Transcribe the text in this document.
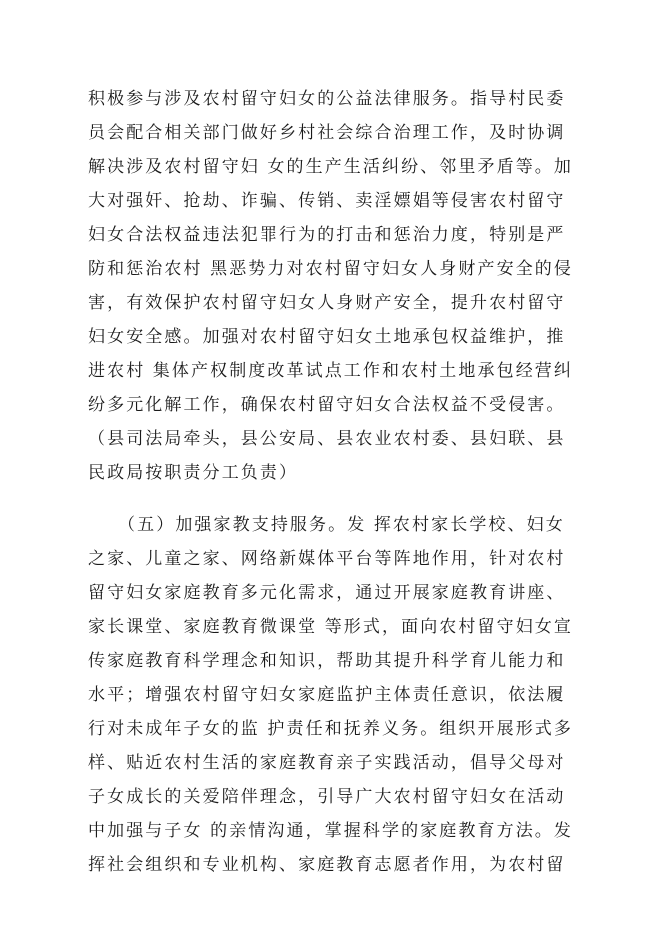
积极参与涉及农村留守妇女的公益法律服务。指导村民委
员会配合相关部门做好乡村社会综合治理工作，及时协调
解决涉及农村留守妇 女的生产生活纠纷、邻里矛盾等。加
大对强奸、抢劫、诈骗、传销、卖淫嫖娼等侵害农村留守
妇女合法权益违法犯罪行为的打击和惩治力度，特别是严
防和惩治农村 黑恶势力对农村留守妇女人身财产安全的侵
害，有效保护农村留守妇女人身财产安全，提升农村留守
妇女安全感。加强对农村留守妇女土地承包权益维护，推
进农村 集体产权制度改革试点工作和农村土地承包经营纠
纷多元化解工作，确保农村留守妇女合法权益不受侵害。
（县司法局牵头，县公安局、县农业农村委、县妇联、县
民政局按职责分工负责）
（五）加强家教支持服务。发 挥农村家长学校、妇女
之家、儿童之家、网络新媒体平台等阵地作用，针对农村
留守妇女家庭教育多元化需求，通过开展家庭教育讲座、
家长课堂、家庭教育微课堂 等形式，面向农村留守妇女宣
传家庭教育科学理念和知识，帮助其提升科学育儿能力和
水平；增强农村留守妇女家庭监护主体责任意识，依法履
行对未成年子女的监 护责任和抚养义务。组织开展形式多
样、贴近农村生活的家庭教育亲子实践活动，倡导父母对
子女成长的关爱陪伴理念，引导广大农村留守妇女在活动
中加强与子女 的亲情沟通，掌握科学的家庭教育方法。发
挥社会组织和专业机构、家庭教育志愿者作用，为农村留
